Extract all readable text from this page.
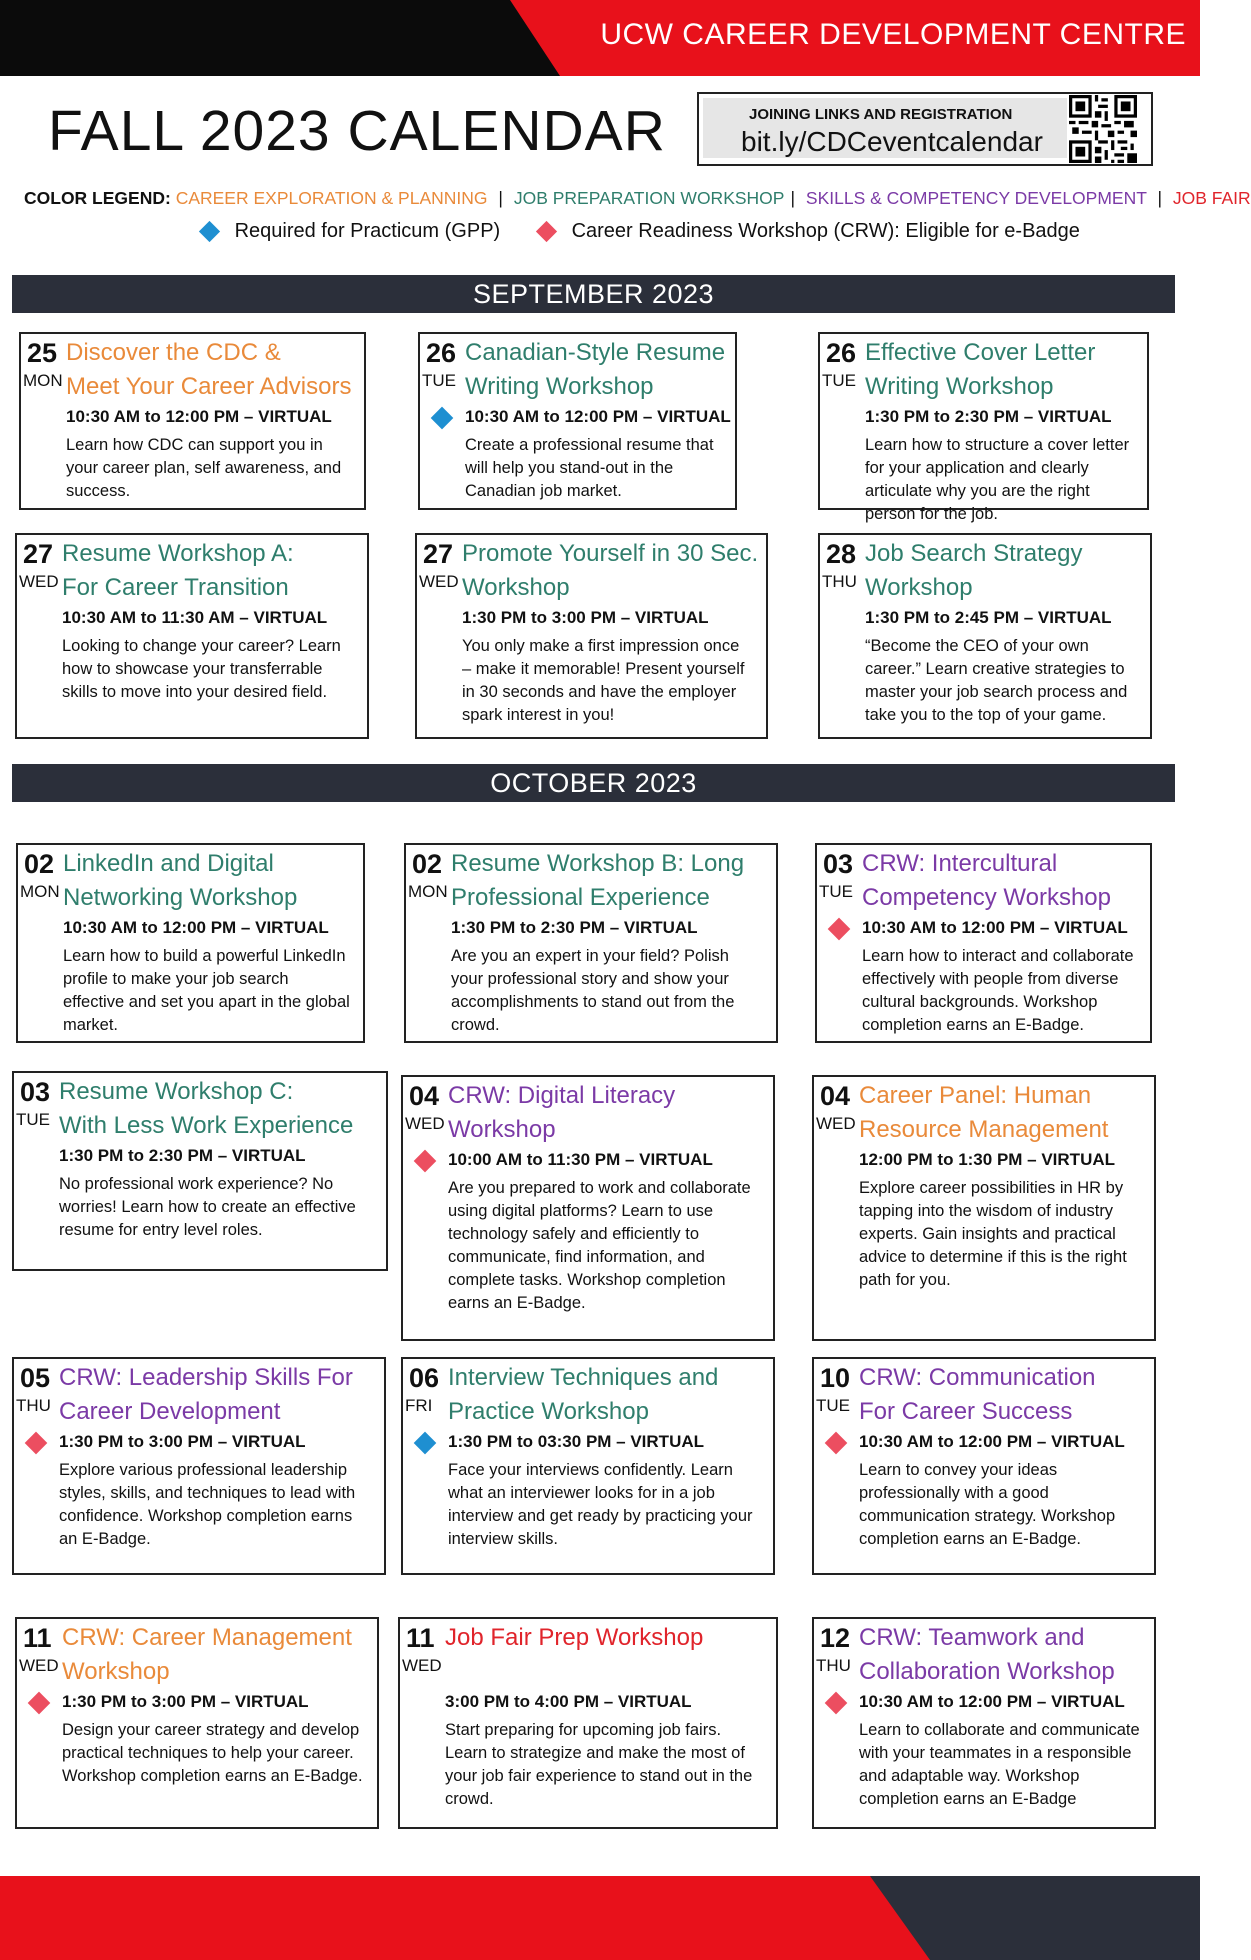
UCW CAREER DEVELOPMENT CENTRE
FALL 2023 CALENDAR	JOINING LINKS AND REGISTRATION
bit.ly/CDCeventcalendar
COLOR LEGEND: CAREER EXPLORATION & PLANNING | JOB PREPARATION WORKSHOP | SKILLS & COMPETENCY DEVELOPMENT | JOB FAIR
Required for Practicum (GPP)	Career Readiness Workshop (CRW): Eligible for e-Badge
SEPTEMBER 2023
OCTOBER 2023
25
MON
Discover the CDC &
Meet Your Career Advisors
10:30 AM to 12:00 PM – VIRTUAL
Learn how CDC can support you in your career plan, self awareness, and success.
26
TUE
Canadian-Style Resume
Writing Workshop
10:30 AM to 12:00 PM – VIRTUAL
Create a professional resume that will help you stand-out in the Canadian job market.
26
TUE
Effective Cover Letter
Writing Workshop
1:30 PM to 2:30 PM – VIRTUAL
Learn how to structure a cover letter for your application and clearly articulate why you are the right person for the job.
27
WED
Resume Workshop A:
For Career Transition
10:30 AM to 11:30 AM – VIRTUAL
Looking to change your career? Learn how to showcase your transferrable skills to move into your desired field.
27
WED
Promote Yourself in 30 Sec.
Workshop
1:30 PM to 3:00 PM – VIRTUAL
You only make a first impression once – make it memorable! Present yourself in 30 seconds and have the employer spark interest in you!
28
THU
Job Search Strategy
Workshop
1:30 PM to 2:45 PM – VIRTUAL
“Become the CEO of your own career.” Learn creative strategies to master your job search process and take you to the top of your game.
02
MON
LinkedIn and Digital
Networking Workshop
10:30 AM to 12:00 PM – VIRTUAL
Learn how to build a powerful LinkedIn profile to make your job search effective and set you apart in the global market.
02
MON
Resume Workshop B: Long
Professional Experience
1:30 PM to 2:30 PM – VIRTUAL
Are you an expert in your field? Polish your professional story and show your accomplishments to stand out from the crowd.
03
TUE
CRW: Intercultural
Competency Workshop
10:30 AM to 12:00 PM – VIRTUAL
Learn how to interact and collaborate effectively with people from diverse cultural backgrounds. Workshop completion earns an E-Badge.
03
TUE
Resume Workshop C:
With Less Work Experience
1:30 PM to 2:30 PM – VIRTUAL
No professional work experience? No worries! Learn how to create an effective resume for entry level roles.
04
WED
CRW: Digital Literacy
Workshop
10:00 AM to 11:30 PM – VIRTUAL
Are you prepared to work and collaborate using digital platforms? Learn to use technology safely and efficiently to communicate, find information, and complete tasks. Workshop completion earns an E-Badge.
04
WED
Career Panel: Human
Resource Management
12:00 PM to 1:30 PM – VIRTUAL
Explore career possibilities in HR by tapping into the wisdom of industry experts. Gain insights and practical advice to determine if this is the right path for you.
05
THU
CRW: Leadership Skills For
Career Development
1:30 PM to 3:00 PM – VIRTUAL
Explore various professional leadership styles, skills, and techniques to lead with confidence. Workshop completion earns an E-Badge.
06
FRI
Interview Techniques and
Practice Workshop
1:30 PM to 03:30 PM – VIRTUAL
Face your interviews confidently. Learn what an interviewer looks for in a job interview and get ready by practicing your interview skills.
10
TUE
CRW: Communication
For Career Success
10:30 AM to 12:00 PM – VIRTUAL
Learn to convey your ideas professionally with a good communication strategy. Workshop completion earns an E-Badge.
11
WED
CRW: Career Management
Workshop
1:30 PM to 3:00 PM – VIRTUAL
Design your career strategy and develop practical techniques to help your career. Workshop completion earns an E-Badge.
11
WED
Job Fair Prep Workshop
3:00 PM to 4:00 PM – VIRTUAL
Start preparing for upcoming job fairs. Learn to strategize and make the most of your job fair experience to stand out in the crowd.
12
THU
CRW: Teamwork and
Collaboration Workshop
10:30 AM to 12:00 PM – VIRTUAL
Learn to collaborate and communicate with your teammates in a responsible and adaptable way. Workshop completion earns an E-Badge
